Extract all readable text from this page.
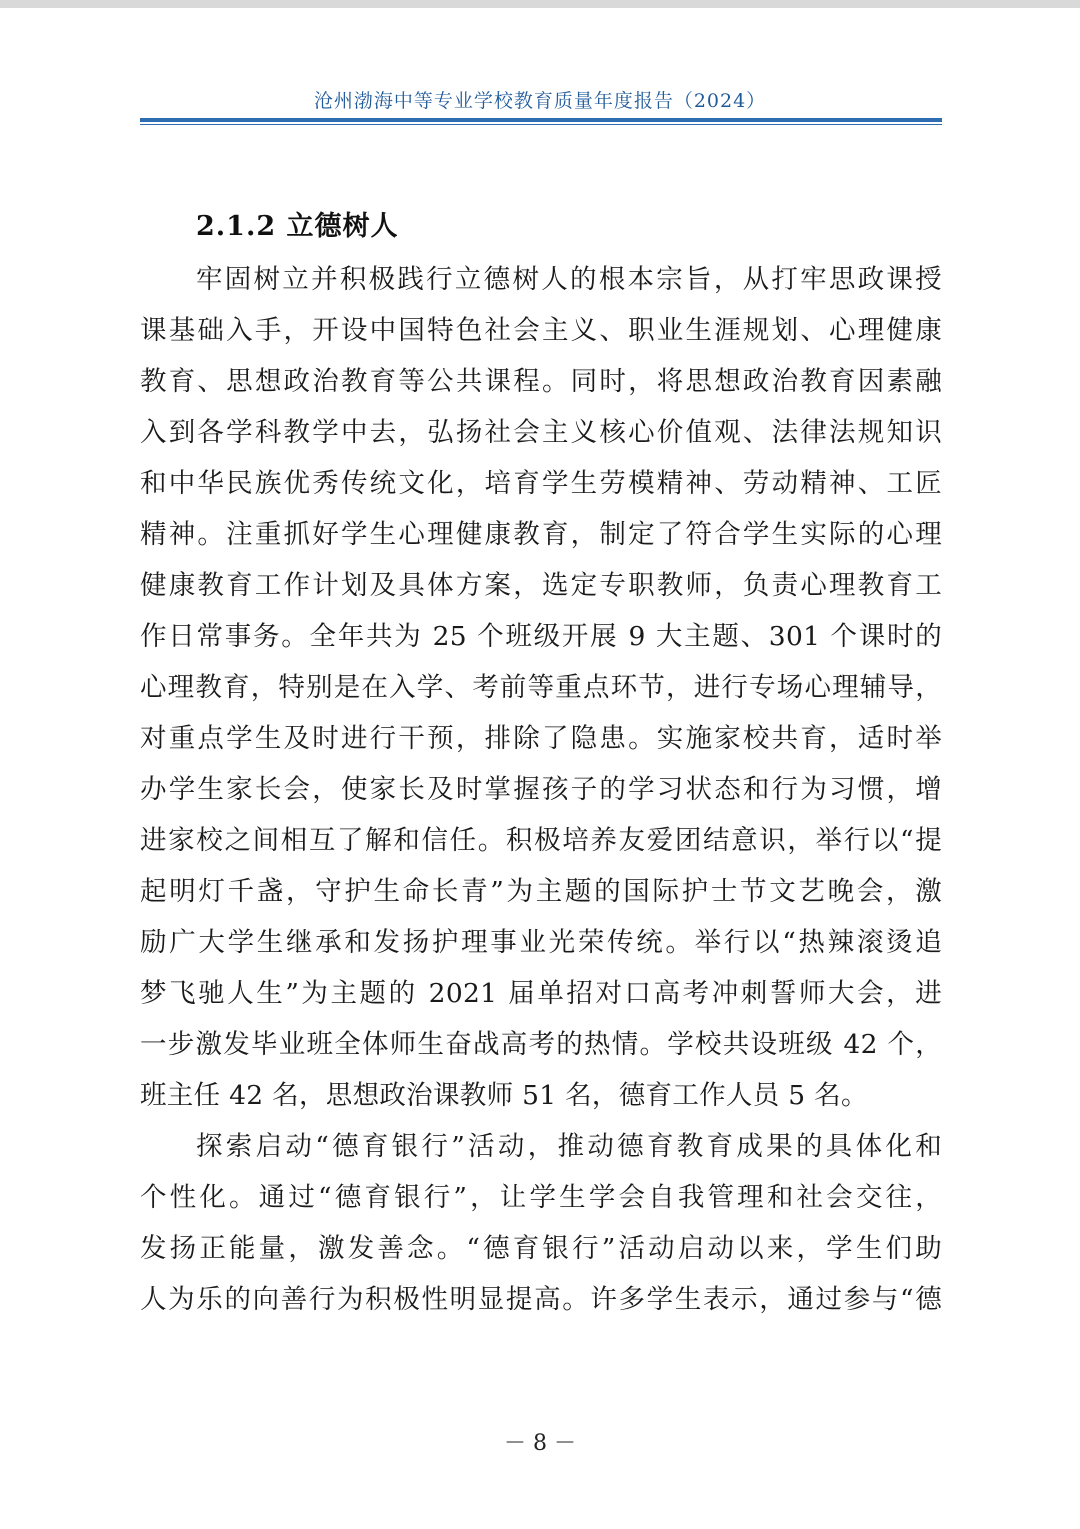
沧州渤海中等专业学校教育质量年度报告（2024）
2.1.2 立德树人
牢固树立并积极践行立德树人的根本宗旨，从打牢思政课授
课基础入手，开设中国特色社会主义、职业生涯规划、心理健康
教育、思想政治教育等公共课程。同时，将思想政治教育因素融
入到各学科教学中去，弘扬社会主义核心价值观、法律法规知识
和中华民族优秀传统文化，培育学生劳模精神、劳动精神、工匠
精神。注重抓好学生心理健康教育，制定了符合学生实际的心理
健康教育工作计划及具体方案，选定专职教师，负责心理教育工
作日常事务。全年共为 25 个班级开展 9 大主题、301 个课时的
心理教育，特别是在入学、考前等重点环节，进行专场心理辅导，
对重点学生及时进行干预，排除了隐患。实施家校共育，适时举
办学生家长会，使家长及时掌握孩子的学习状态和行为习惯，增
进家校之间相互了解和信任。积极培养友爱团结意识，举行以“提
起明灯千盏，守护生命长青”为主题的国际护士节文艺晚会，激
励广大学生继承和发扬护理事业光荣传统。举行以“热辣滚烫追
梦飞驰人生”为主题的 2021 届单招对口高考冲刺誓师大会，进
一步激发毕业班全体师生奋战高考的热情。学校共设班级 42 个，
班主任 42 名，思想政治课教师 51 名，德育工作人员 5 名。
探索启动“德育银行”活动，推动德育教育成果的具体化和
个性化。通过“德育银行”，让学生学会自我管理和社会交往，
发扬正能量，激发善念。“德育银行”活动启动以来，学生们助
人为乐的向善行为积极性明显提高。许多学生表示，通过参与“德
－ 8 －
